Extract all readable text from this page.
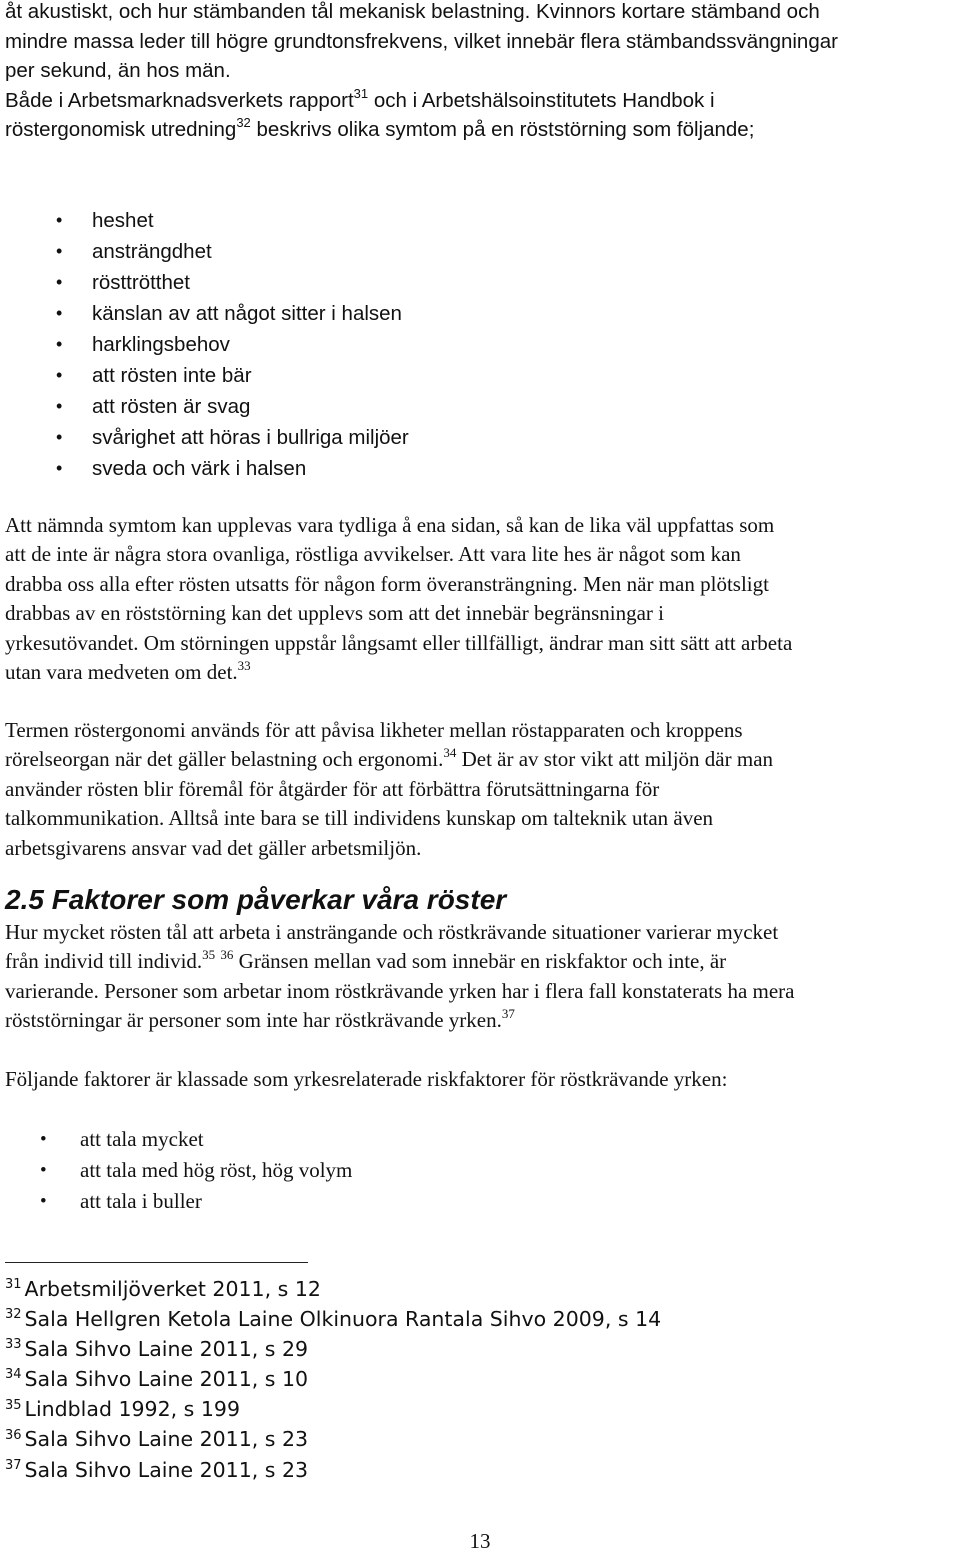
åt akustiskt, och hur stämbanden tål mekanisk belastning. Kvinnors kortare stämband och
mindre massa leder till högre grundtonsfrekvens, vilket innebär flera stämbandssvängningar
per sekund, än hos män.
Både i Arbetsmarknadsverkets rapport$^{31}$ och i Arbetshälsoinstitutets Handbok i
röstergonomisk utredning$^{32}$ beskrivs olika symtom på en röststörning som följande;
• heshet
• ansträngdhet
• rösttrötthet
• känslan av att något sitter i halsen
• harklingsbehov
• att rösten inte bär
• att rösten är svag
• svårighet att höras i bullriga miljöer
• sveda och värk i halsen
Att nämnda symtom kan upplevas vara tydliga å ena sidan, så kan de lika väl uppfattas som
att de inte är några stora ovanliga, röstliga avvikelser. Att vara lite hes är något som kan
drabba oss alla efter rösten utsatts för någon form överansträngning. Men när man plötsligt
drabbas av en röststörning kan det upplevs som att det innebär begränsningar i
yrkesutövandet. Om störningen uppstår långsamt eller tillfälligt, ändrar man sitt sätt att arbeta
utan vara medveten om det.$^{33}$
Termen röstergonomi används för att påvisa likheter mellan röstapparaten och kroppens
rörelseorgan när det gäller belastning och ergonomi.$^{34}$ Det är av stor vikt att miljön där man
använder rösten blir föremål för åtgärder för att förbättra förutsättningarna för
talkommunikation. Alltså inte bara se till individens kunskap om talteknik utan även
arbetsgivarens ansvar vad det gäller arbetsmiljön.
2.5 Faktorer som påverkar våra röster
Hur mycket rösten tål att arbeta i ansträngande och röstkrävande situationer varierar mycket
från individ till individ.$^{35}$ $^{36}$ Gränsen mellan vad som innebär en riskfaktor och inte, är
varierande. Personer som arbetar inom röstkrävande yrken har i flera fall konstaterats ha mera
röststörningar är personer som inte har röstkrävande yrken.$^{37}$
Följande faktorer är klassade som yrkesrelaterade riskfaktorer för röstkrävande yrken:
• att tala mycket
• att tala med hög röst, hög volym
• att tala i buller
$^{31}$ Arbetsmiljöverket 2011, s 12
$^{32}$ Sala Hellgren Ketola Laine Olkinuora Rantala Sihvo 2009, s 14
$^{33}$ Sala Sihvo Laine 2011, s 29
$^{34}$ Sala Sihvo Laine 2011, s 10
$^{35}$ Lindblad 1992, s 199
$^{36}$ Sala Sihvo Laine 2011, s 23
$^{37}$ Sala Sihvo Laine 2011, s 23
13
